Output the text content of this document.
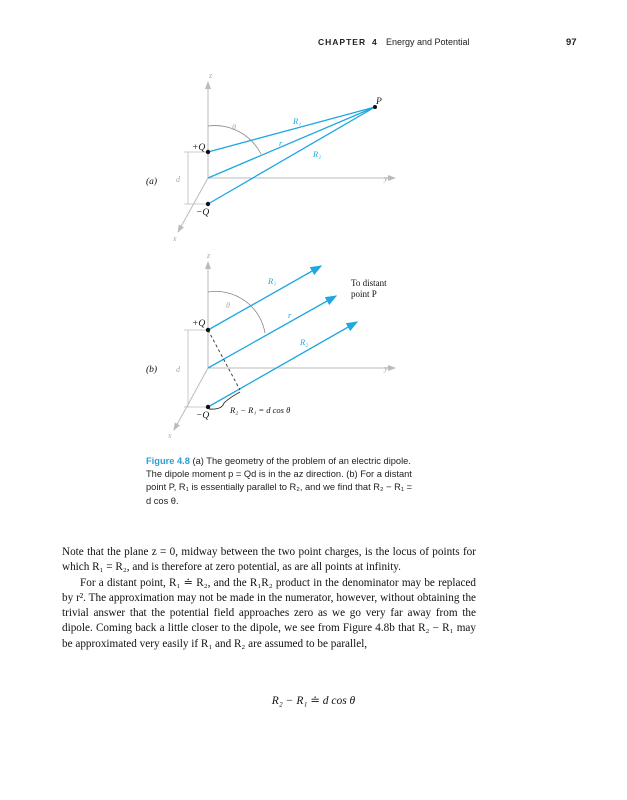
CHAPTER 4 Energy and Potential	97
z
y
x
d
θ
+Q
−Q
P
R₁
r
R₂
(a)
z
y
x
d
θ
+Q
−Q
R₁
r
R₂
To distant
point P
R₂ − R₁ = d cos θ
(b)
Figure 4.8 (a) The geometry of the problem of an electric dipole. The dipole moment p = Qd is in the az direction. (b) For a distant point P, R₁ is essentially parallel to R₂, and we find that R₂ − R₁ = d cos θ.

Note that the plane z = 0, midway between the two point charges, is the locus of points for which R₁ = R₂, and is therefore at zero potential, as are all points at infinity.

For a distant point, R₁ ≐ R₂, and the R₁R₂ product in the denominator may be replaced by r². The approximation may not be made in the numerator, however, without obtaining the trivial answer that the potential field approaches zero as we go very far away from the dipole. Coming back a little closer to the dipole, we see from Figure 4.8b that R₂ − R₁ may be approximated very easily if R₁ and R₂ are assumed to be parallel,

R₂ − R₁ ≐ d cos θ
